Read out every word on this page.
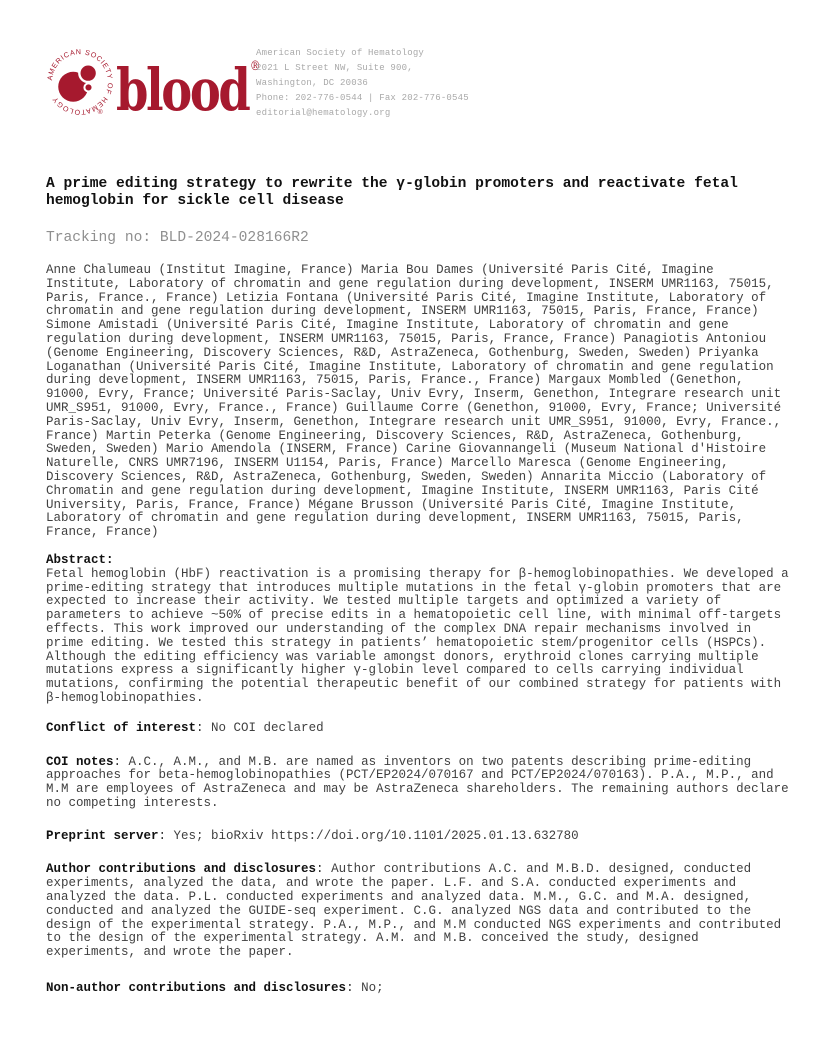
AMERICAN SOCIETY OF HEMATOLOGY
® blood ®
American Society of Hematology
2021 L Street NW, Suite 900,
Washington, DC 20036
Phone: 202-776-0544 | Fax 202-776-0545
editorial@hematology.org
A prime editing strategy to rewrite the γ-globin promoters and reactivate fetal hemoglobin for sickle cell disease
Tracking no: BLD-2024-028166R2

Anne Chalumeau (Institut Imagine, France) Maria Bou Dames (Université Paris Cité, Imagine Institute, Laboratory of chromatin and gene regulation during development, INSERM UMR1163, 75015, Paris, France., France) Letizia Fontana (Université Paris Cité, Imagine Institute, Laboratory of chromatin and gene regulation during development, INSERM UMR1163, 75015, Paris, France, France) Simone Amistadi (Université Paris Cité, Imagine Institute, Laboratory of chromatin and gene regulation during development, INSERM UMR1163, 75015, Paris, France, France) Panagiotis Antoniou (Genome Engineering, Discovery Sciences, R&D, AstraZeneca, Gothenburg, Sweden, Sweden) Priyanka Loganathan (Université Paris Cité, Imagine Institute, Laboratory of chromatin and gene regulation during development, INSERM UMR1163, 75015, Paris, France., France) Margaux Mombled (Genethon, 91000, Evry, France; Université Paris-Saclay, Univ Evry, Inserm, Genethon, Integrare research unit UMR_S951, 91000, Evry, France., France) Guillaume Corre (Genethon, 91000, Evry, France; Université Paris-Saclay, Univ Evry, Inserm, Genethon, Integrare research unit UMR_S951, 91000, Evry, France., France) Martin Peterka (Genome Engineering, Discovery Sciences, R&D, AstraZeneca, Gothenburg, Sweden, Sweden) Mario Amendola (INSERM, France) Carine Giovannangeli (Museum National d'Histoire Naturelle, CNRS UMR7196, INSERM U1154, Paris, France) Marcello Maresca (Genome Engineering, Discovery Sciences, R&D, AstraZeneca, Gothenburg, Sweden, Sweden) Annarita Miccio (Laboratory of Chromatin and gene regulation during development, Imagine Institute, INSERM UMR1163, Paris Cité University, Paris, France, France) Mégane Brusson (Université Paris Cité, Imagine Institute, Laboratory of chromatin and gene regulation during development, INSERM UMR1163, 75015, Paris, France, France)

Abstract:

Fetal hemoglobin (HbF) reactivation is a promising therapy for β-hemoglobinopathies. We developed a prime-editing strategy that introduces multiple mutations in the fetal γ-globin promoters that are expected to increase their activity. We tested multiple targets and optimized a variety of parameters to achieve ~50% of precise edits in a hematopoietic cell line, with minimal off-targets effects. This work improved our understanding of the complex DNA repair mechanisms involved in prime editing. We tested this strategy in patients’ hematopoietic stem/progenitor cells (HSPCs). Although the editing efficiency was variable amongst donors, erythroid clones carrying multiple mutations express a significantly higher γ-globin level compared to cells carrying individual mutations, confirming the potential therapeutic benefit of our combined strategy for patients with β-hemoglobinopathies.

Conflict of interest: No COI declared

COI notes: A.C., A.M., and M.B. are named as inventors on two patents describing prime-editing approaches for beta-hemoglobinopathies (PCT/EP2024/070167 and PCT/EP2024/070163). P.A., M.P., and M.M are employees of AstraZeneca and may be AstraZeneca shareholders. The remaining authors declare no competing interests.

Preprint server: Yes; bioRxiv https://doi.org/10.1101/2025.01.13.632780

Author contributions and disclosures: Author contributions A.C. and M.B.D. designed, conducted experiments, analyzed the data, and wrote the paper. L.F. and S.A. conducted experiments and analyzed the data. P.L. conducted experiments and analyzed data. M.M., G.C. and M.A. designed, conducted and analyzed the GUIDE-seq experiment. C.G. analyzed NGS data and contributed to the design of the experimental strategy. P.A., M.P., and M.M conducted NGS experiments and contributed to the design of the experimental strategy. A.M. and M.B. conceived the study, designed experiments, and wrote the paper.

Non-author contributions and disclosures: No;
